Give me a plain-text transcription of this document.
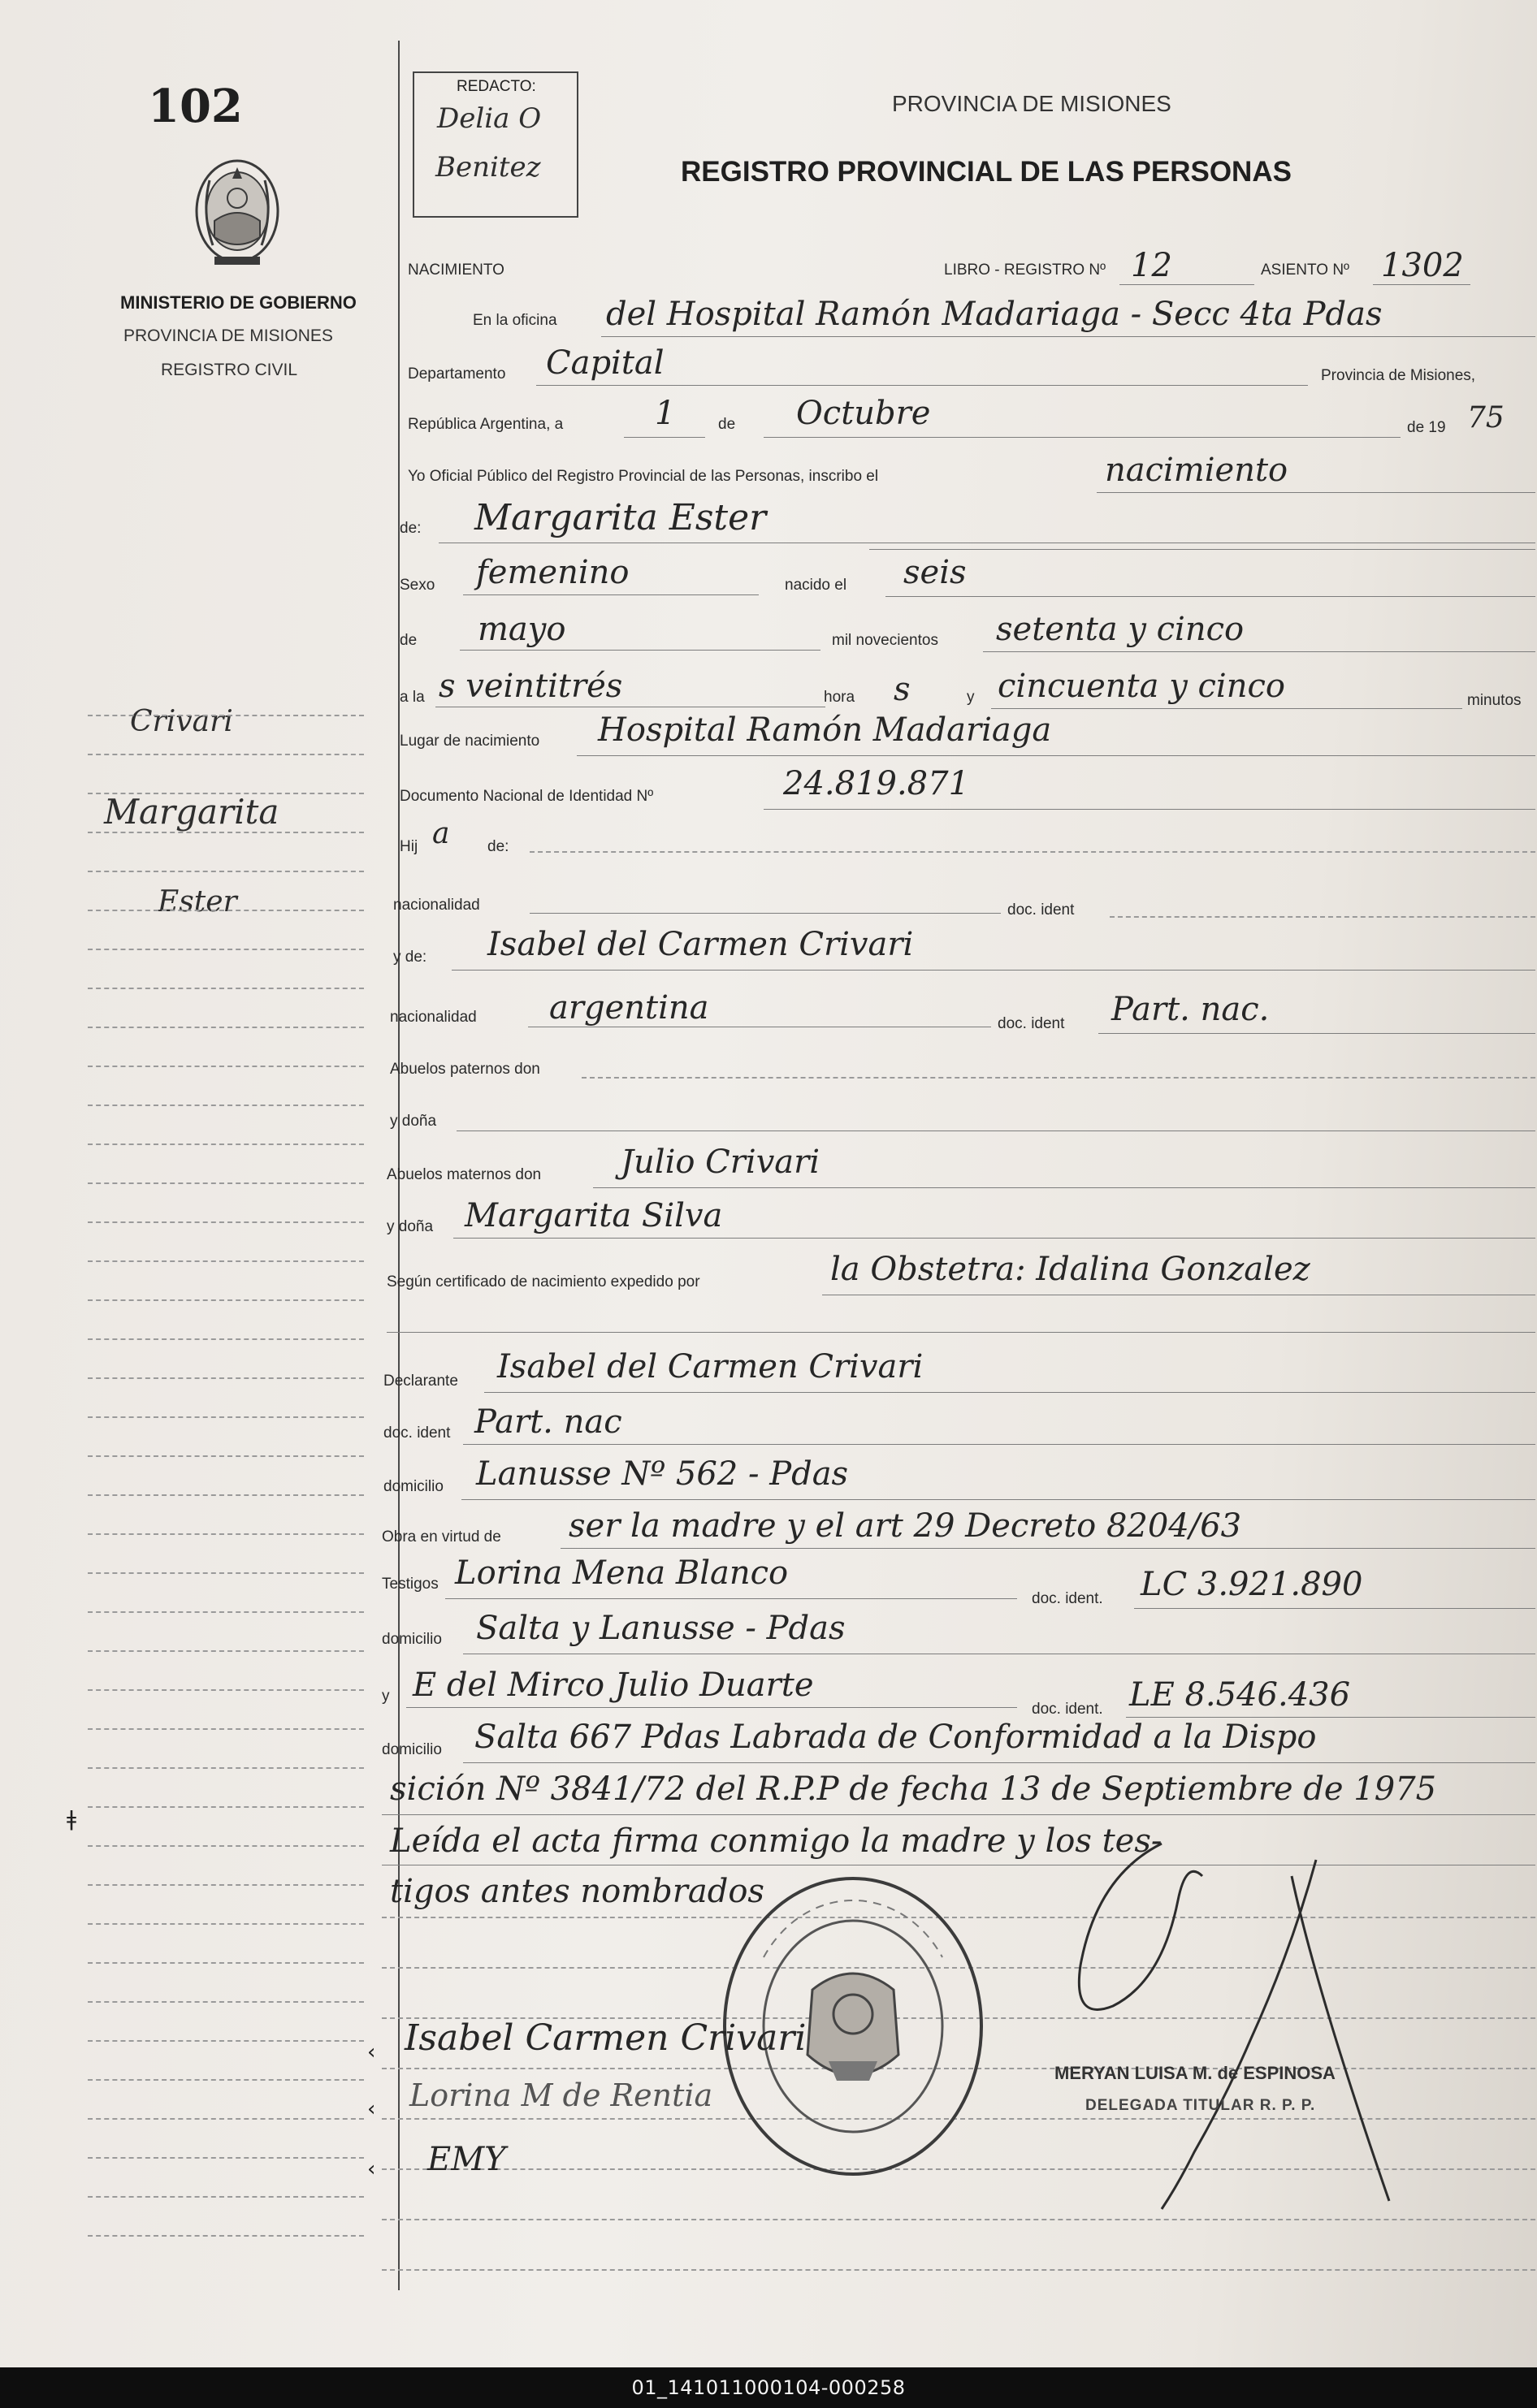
102
MINISTERIO DE GOBIERNO
PROVINCIA DE MISIONES
REGISTRO CIVIL
Crivari
Margarita
Ester
ǂ
REDACTO:
Delia O
Benitez
PROVINCIA DE MISIONES
REGISTRO PROVINCIAL DE LAS PERSONAS
NACIMIENTO	LIBRO - REGISTRO Nº 12	ASIENTO Nº 1302
En la oficina del Hospital Ramón Madariaga - Secc 4ta Pdas
Departamento Capital	Provincia de Misiones,
República Argentina, a	1	de Octubre	de 19 75
Yo Oficial Público del Registro Provincial de las Personas, inscribo el	nacimiento
de: Margarita Ester
Sexo femenino	nacido el seis
de mayo	mil novecientos setenta y cinco
a la s veintitrés	hora s	y cincuenta y cinco	minutos
Lugar de nacimiento Hospital Ramón Madariaga
Documento Nacional de Identidad Nº	24.819.871
Hij a de:
nacionalidad	doc. ident
y de: Isabel del Carmen Crivari
nacionalidad argentina	doc. ident Part. nac.
Abuelos paternos don
y doña
Abuelos maternos don Julio Crivari
y doña Margarita Silva
Según certificado de nacimiento expedido por	la Obstetra: Idalina Gonzalez
Declarante Isabel del Carmen Crivari
doc. ident Part. nac
domicilio Lanusse Nº 562 - Pdas
Obra en virtud de ser la madre y el art 29 Decreto 8204/63
Testigos Lorina Mena Blanco
doc. ident. LC 3.921.890
domicilio Salta y Lanusse - Pdas
y E del Mirco Julio Duarte
doc. ident. LE 8.546.436
domicilio Salta 667 Pdas Labrada de Conformidad a la Dispo
sición Nº 3841/72 del R.P.P de fecha 13 de Septiembre de 1975
Leída el acta firma conmigo la madre y los tes-
tigos antes nombrados
Isabel Carmen Crivari
Lorina M de Rentia
EMY
‹
‹
‹
MERYAN LUISA M. de ESPINOSA
DELEGADA TITULAR R. P. P.
01_141011000104-000258
